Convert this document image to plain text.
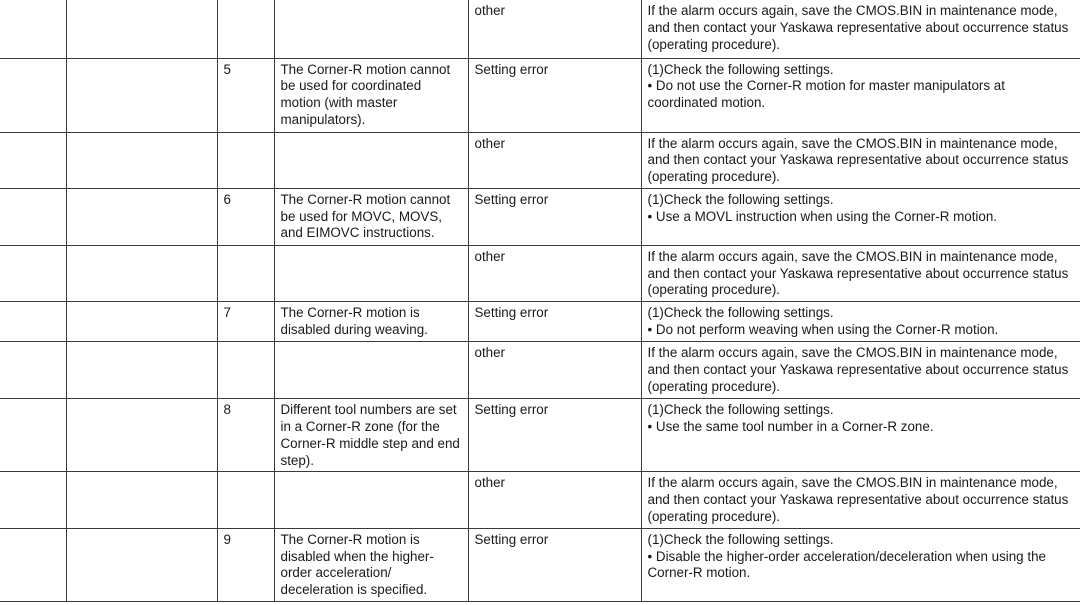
				other	If the alarm occurs again, save the CMOS.BIN in maintenance mode, and then contact your Yaskawa representative about occurrence status (operating procedure).

		5	The Corner-R motion cannot be used for coordinated motion (with master manipulators).	Setting error	(1)Check the following settings.
• Do not use the Corner-R motion for master manipulators at coordinated motion.

				other	If the alarm occurs again, save the CMOS.BIN in maintenance mode, and then contact your Yaskawa representative about occurrence status (operating procedure).

		6	The Corner-R motion cannot be used for MOVC, MOVS, and EIMOVC instructions.	Setting error	(1)Check the following settings.
• Use a MOVL instruction when using the Corner-R motion.

				other	If the alarm occurs again, save the CMOS.BIN in maintenance mode, and then contact your Yaskawa representative about occurrence status (operating procedure).

		7	The Corner-R motion is disabled during weaving.	Setting error	(1)Check the following settings.
• Do not perform weaving when using the Corner-R motion.

				other	If the alarm occurs again, save the CMOS.BIN in maintenance mode, and then contact your Yaskawa representative about occurrence status (operating procedure).

		8	Different tool numbers are set in a Corner-R zone (for the Corner-R middle step and end step).	Setting error	(1)Check the following settings.
• Use the same tool number in a Corner-R zone.

				other	If the alarm occurs again, save the CMOS.BIN in maintenance mode, and then contact your Yaskawa representative about occurrence status (operating procedure).

		9	The Corner-R motion is disabled when the higher-order acceleration/ deceleration is specified.	Setting error	(1)Check the following settings.
• Disable the higher-order acceleration/deceleration when using the Corner-R motion.
